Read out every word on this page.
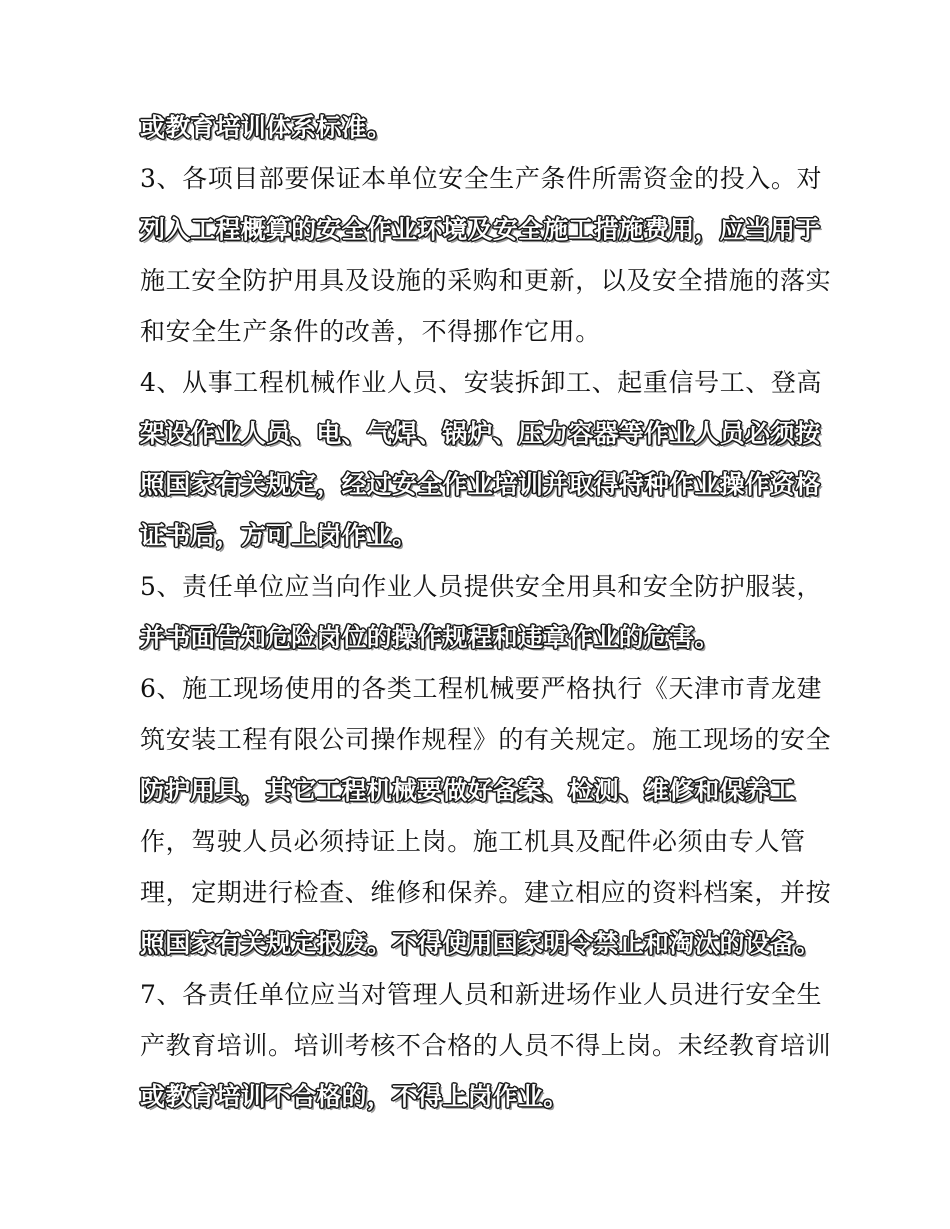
或教育培训体系标准。
3、各项目部要保证本单位安全生产条件所需资金的投入。对
列入工程概算的安全作业环境及安全施工措施费用，应当用于
施工安全防护用具及设施的采购和更新，以及安全措施的落实
和安全生产条件的改善，不得挪作它用。
4、从事工程机械作业人员、安装拆卸工、起重信号工、登高
架设作业人员、电、气焊、锅炉、压力容器等作业人员必须按
照国家有关规定，经过安全作业培训并取得特种作业操作资格
证书后，方可上岗作业。
5、责任单位应当向作业人员提供安全用具和安全防护服装，
并书面告知危险岗位的操作规程和违章作业的危害。
6、施工现场使用的各类工程机械要严格执行《天津市青龙建
筑安装工程有限公司操作规程》的有关规定。施工现场的安全
防护用具，其它工程机械要做好备案、检测、维修和保养工
作，驾驶人员必须持证上岗。施工机具及配件必须由专人管
理，定期进行检查、维修和保养。建立相应的资料档案，并按
照国家有关规定报废。不得使用国家明令禁止和淘汰的设备。
7、各责任单位应当对管理人员和新进场作业人员进行安全生
产教育培训。培训考核不合格的人员不得上岗。未经教育培训
或教育培训不合格的，不得上岗作业。
